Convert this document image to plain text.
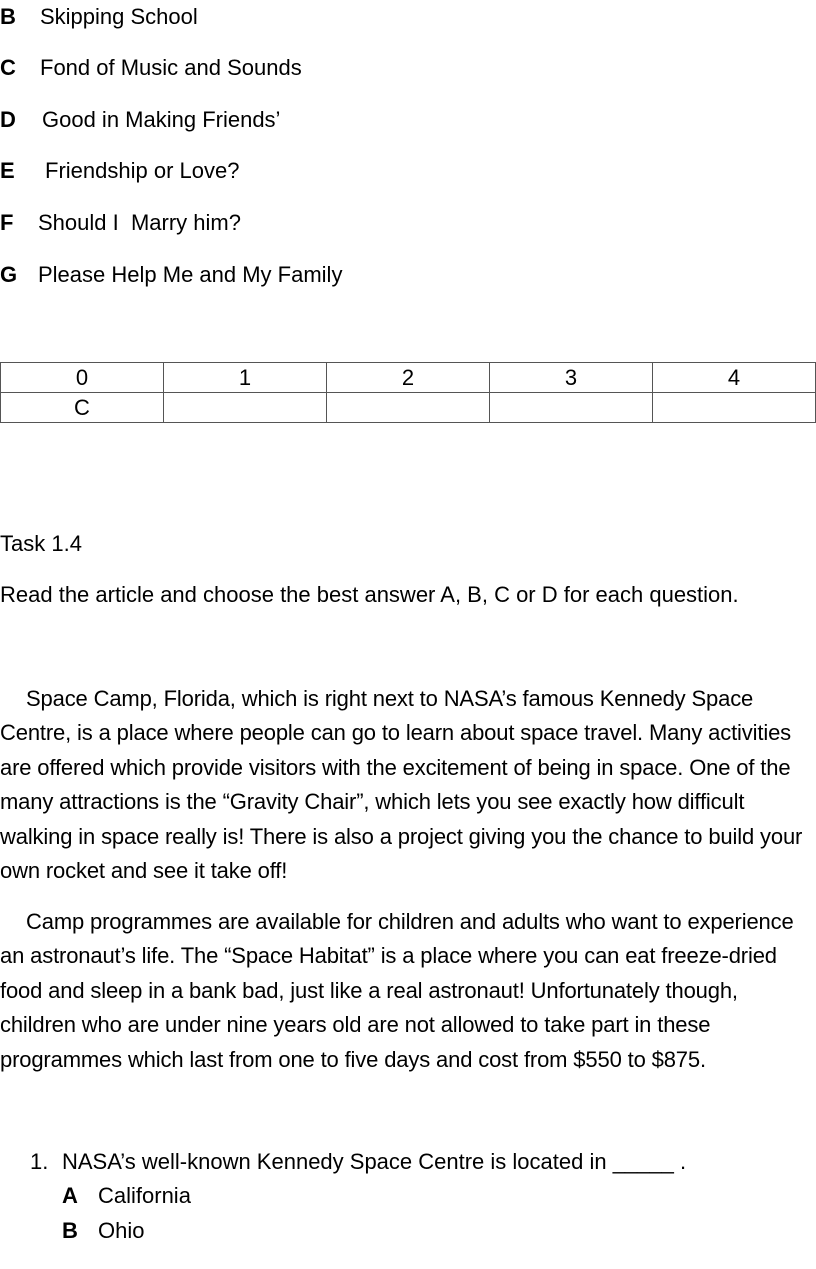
B Skipping School
C Fond of Music and Sounds
D Good in Making Friends’
E Friendship or Love?
F Should I  Marry him?
G Please Help Me and My Family
0	1	2	3	4
C				
Task 1.4
Read the article and choose the best answer A, B, C or D for each question.
Space Camp, Florida, which is right next to NASA’s famous Kennedy Space Centre, is a place where people can go to learn about space travel. Many activities are offered which provide visitors with the excitement of being in space. One of the many attractions is the “Gravity Chair”, which lets you see exactly how difficult walking in space really is! There is also a project giving you the chance to build your own rocket and see it take off!
Camp programmes are available for children and adults who want to experience an astronaut’s life. The “Space Habitat” is a place where you can eat freeze-dried food and sleep in a bank bad, just like a real astronaut! Unfortunately though, children who are under nine years old are not allowed to take part in these programmes which last from one to five days and cost from $550 to $875.
1. NASA’s well-known Kennedy Space Centre is located in _____ .
A California
B Ohio
